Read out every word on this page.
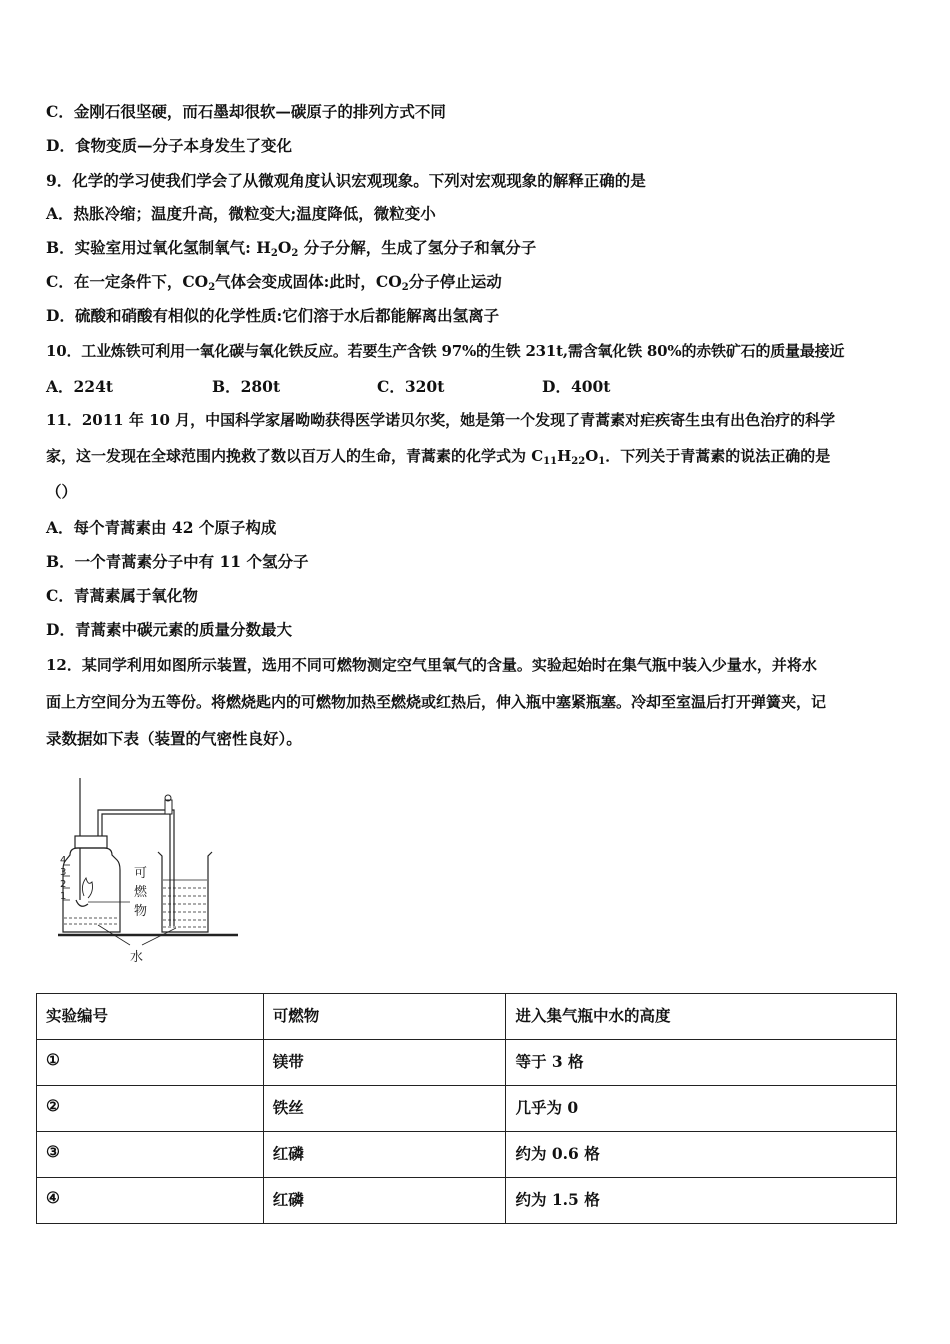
C．金刚石很坚硬，而石墨却很软—碳原子的排列方式不同
D．食物变质—分子本身发生了变化
9．化学的学习使我们学会了从微观角度认识宏观现象。下列对宏观现象的解释正确的是
A．热胀冷缩；温度升高，微粒变大;温度降低，微粒变小
B．实验室用过氧化氢制氧气: $H_2O_2$ 分子分解，生成了氢分子和氧分子
C．在一定条件下，$CO_2$气体会变成固体:此时，$CO_2$分子停止运动
D．硫酸和硝酸有相似的化学性质:它们溶于水后都能解离出氢离子
10．工业炼铁可利用一氧化碳与氧化铁反应。若要生产含铁 97%的生铁 231t,需含氧化铁 80%的赤铁矿石的质量最接近
A．224t	B．280t	C．320t	D．400t
11．2011 年 10 月，中国科学家屠呦呦获得医学诺贝尔奖，她是第一个发现了青蒿素对疟疾寄生虫有出色治疗的科学
家，这一发现在全球范围内挽救了数以百万人的生命，青蒿素的化学式为 $C_{11}H_{22}O_1$．下列关于青蒿素的说法正确的是
（）
A．每个青蒿素由 42 个原子构成
B．一个青蒿素分子中有 11 个氢分子
C．青蒿素属于氧化物
D．青蒿素中碳元素的质量分数最大
12．某同学利用如图所示装置，选用不同可燃物测定空气里氧气的含量。实验起始时在集气瓶中装入少量水，并将水
面上方空间分为五等份。将燃烧匙内的可燃物加热至燃烧或红热后，伸入瓶中塞紧瓶塞。冷却至室温后打开弹簧夹，记
录数据如下表（装置的气密性良好）。
4
3
2
1
可
燃
物
水
实验编号	可燃物	进入集气瓶中水的高度
①	镁带	等于 3 格
②	铁丝	几乎为 0
③	红磷	约为 0.6 格
④	红磷	约为 1.5 格
